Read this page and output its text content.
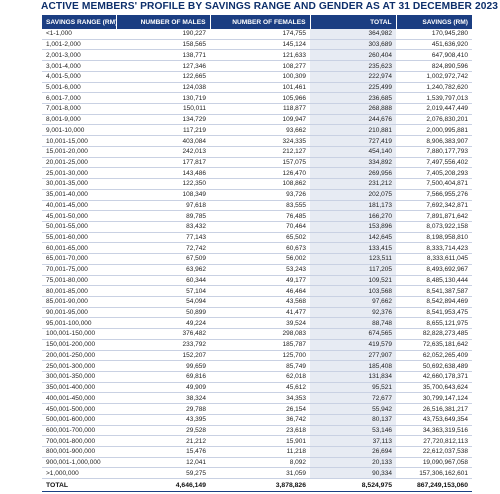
ACTIVE MEMBERS' PROFILE BY SAVINGS RANGE AND GENDER AS AT 31 DECEMBER 2023
SAVINGS RANGE (RM)	NUMBER OF MALES	NUMBER OF FEMALES	TOTAL	SAVINGS (RM)
<1-1,000	190,227	174,755	364,982	170,945,280
1,001-2,000	158,565	145,124	303,689	451,636,920
2,001-3,000	138,771	121,633	260,404	647,908,410
3,001-4,000	127,346	108,277	235,623	824,890,596
4,001-5,000	122,665	100,309	222,974	1,002,972,742
5,001-6,000	124,038	101,461	225,499	1,240,782,620
6,001-7,000	130,719	105,966	236,685	1,539,797,013
7,001-8,000	150,011	118,877	268,888	2,019,447,449
8,001-9,000	134,729	109,947	244,676	2,076,830,201
9,001-10,000	117,219	93,662	210,881	2,000,995,881
10,001-15,000	403,084	324,335	727,419	8,906,383,907
15,001-20,000	242,013	212,127	454,140	7,880,177,793
20,001-25,000	177,817	157,075	334,892	7,497,556,402
25,001-30,000	143,486	126,470	269,956	7,405,208,293
30,001-35,000	122,350	108,862	231,212	7,500,404,871
35,001-40,000	108,349	93,726	202,075	7,566,955,276
40,001-45,000	97,618	83,555	181,173	7,692,342,871
45,001-50,000	89,785	76,485	166,270	7,891,871,642
50,001-55,000	83,432	70,464	153,896	8,073,922,158
55,001-60,000	77,143	65,502	142,645	8,198,958,810
60,001-65,000	72,742	60,673	133,415	8,333,714,423
65,001-70,000	67,509	56,002	123,511	8,333,611,045
70,001-75,000	63,962	53,243	117,205	8,493,692,967
75,001-80,000	60,344	49,177	109,521	8,485,130,444
80,001-85,000	57,104	46,464	103,568	8,541,387,587
85,001-90,000	54,094	43,568	97,662	8,542,894,469
90,001-95,000	50,899	41,477	92,376	8,541,953,475
95,001-100,000	49,224	39,524	88,748	8,655,121,975
100,001-150,000	376,482	298,083	674,565	82,828,273,485
150,001-200,000	233,792	185,787	419,579	72,635,181,642
200,001-250,000	152,207	125,700	277,907	62,052,265,409
250,001-300,000	99,659	85,749	185,408	50,692,638,489
300,001-350,000	69,816	62,018	131,834	42,660,178,371
350,001-400,000	49,909	45,612	95,521	35,700,643,624
400,001-450,000	38,324	34,353	72,677	30,799,147,124
450,001-500,000	29,788	26,154	55,942	26,516,381,217
500,001-600,000	43,395	36,742	80,137	43,753,649,354
600,001-700,000	29,528	23,618	53,146	34,363,319,516
700,001-800,000	21,212	15,901	37,113	27,720,812,113
800,001-900,000	15,476	11,218	26,694	22,612,037,538
900,001-1,000,000	12,041	8,092	20,133	19,090,967,058
>1,000,000	59,275	31,059	90,334	157,306,162,601
TOTAL	4,646,149	3,878,826	8,524,975	867,249,153,060
